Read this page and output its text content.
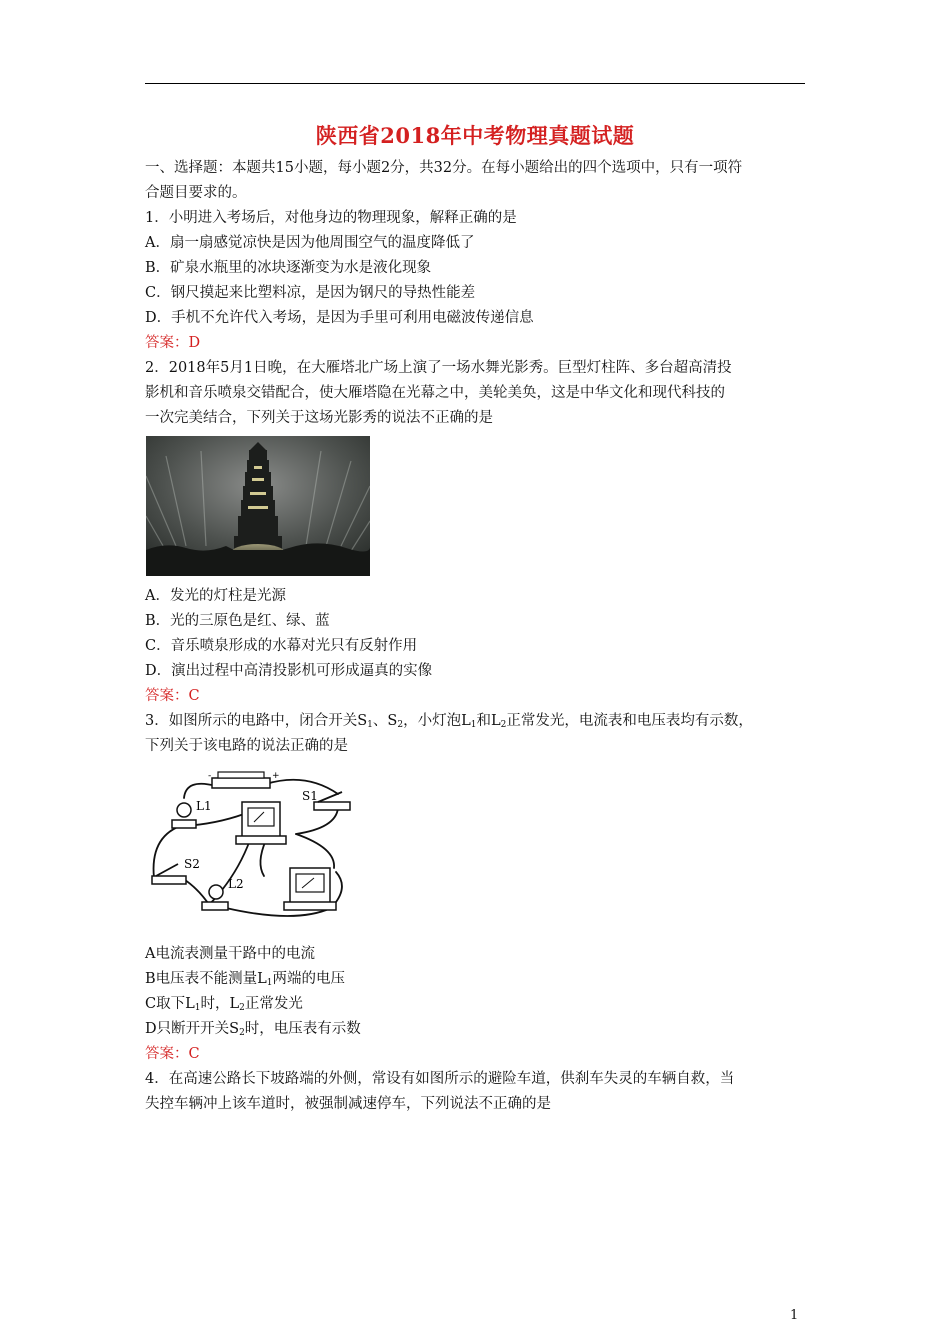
陕西省2018年中考物理真题试题
一、选择题：本题共15小题，每小题2分，共32分。在每小题给出的四个选项中，只有一项符
合题目要求的。
1．小明进入考场后，对他身边的物理现象，解释正确的是
A．扇一扇感觉凉快是因为他周围空气的温度降低了
B．矿泉水瓶里的冰块逐渐变为水是液化现象
C．钢尺摸起来比塑料凉，是因为钢尺的导热性能差
D．手机不允许代入考场，是因为手里可利用电磁波传递信息
答案：D
2．2018年5月1日晚，在大雁塔北广场上演了一场水舞光影秀。巨型灯柱阵、多台超高清投
影机和音乐喷泉交错配合，使大雁塔隐在光幕之中，美轮美奂，这是中华文化和现代科技的
一次完美结合，下列关于这场光影秀的说法不正确的是
A．发光的灯柱是光源
B．光的三原色是红、绿、蓝
C．音乐喷泉形成的水幕对光只有反射作用
D．演出过程中高清投影机可形成逼真的实像
答案：C
3．如图所示的电路中，闭合开关$S_1$、$S_2$，小灯泡$L_1$和$L_2$正常发光，电流表和电压表均有示数，
下列关于该电路的说法正确的是
-	+
L1
S1
S2
L2
A电流表测量干路中的电流
B电压表不能测量$L_1$两端的电压
C取下$L_1$时，$L_2$正常发光
D只断开开关$S_2$时，电压表有示数
答案：C
4．在高速公路长下坡路端的外侧，常设有如图所示的避险车道，供刹车失灵的车辆自救，当
失控车辆冲上该车道时，被强制减速停车，下列说法不正确的是
1
